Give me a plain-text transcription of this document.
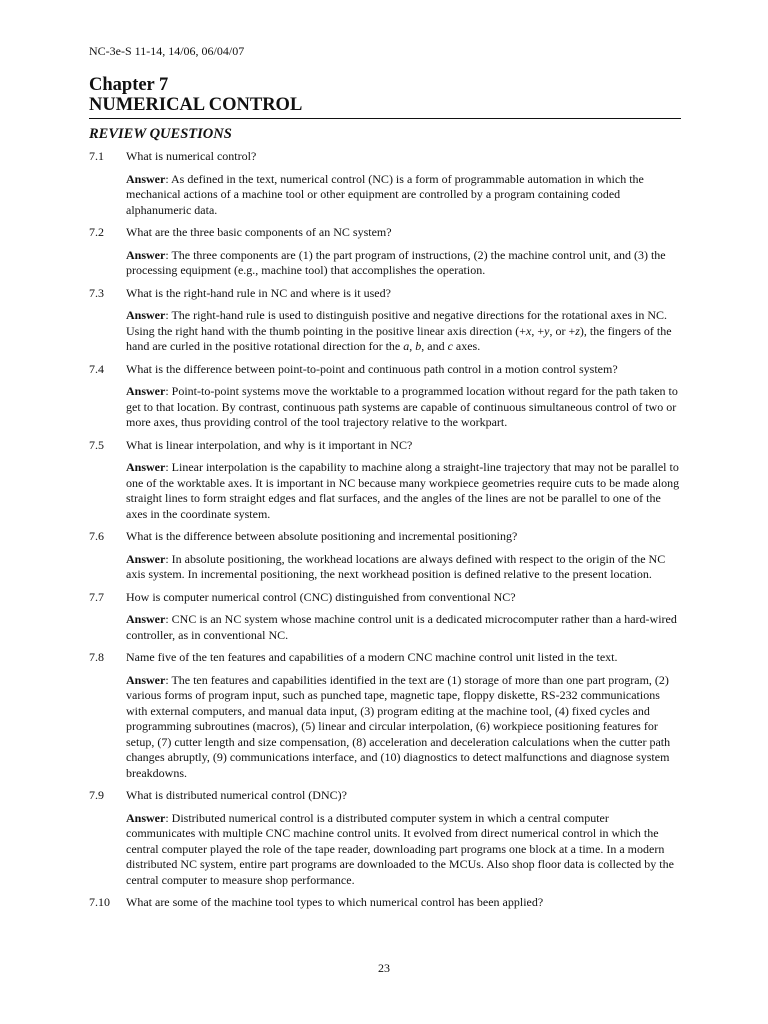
NC-3e-S 11-14, 14/06, 06/04/07
Chapter 7
NUMERICAL CONTROL
REVIEW QUESTIONS
7.1	What is numerical control?
Answer: As defined in the text, numerical control (NC) is a form of programmable automation in which the mechanical actions of a machine tool or other equipment are controlled by a program containing coded alphanumeric data.
7.2	What are the three basic components of an NC system?
Answer: The three components are (1) the part program of instructions, (2) the machine control unit, and (3) the processing equipment (e.g., machine tool) that accomplishes the operation.
7.3	What is the right-hand rule in NC and where is it used?
Answer: The right-hand rule is used to distinguish positive and negative directions for the rotational axes in NC. Using the right hand with the thumb pointing in the positive linear axis direction (+x, +y, or +z), the fingers of the hand are curled in the positive rotational direction for the a, b, and c axes.
7.4	What is the difference between point-to-point and continuous path control in a motion control system?
Answer: Point-to-point systems move the worktable to a programmed location without regard for the path taken to get to that location. By contrast, continuous path systems are capable of continuous simultaneous control of two or more axes, thus providing control of the tool trajectory relative to the workpart.
7.5	What is linear interpolation, and why is it important in NC?
Answer: Linear interpolation is the capability to machine along a straight-line trajectory that may not be parallel to one of the worktable axes. It is important in NC because many workpiece geometries require cuts to be made along straight lines to form straight edges and flat surfaces, and the angles of the lines are not be parallel to one of the axes in the coordinate system.
7.6	What is the difference between absolute positioning and incremental positioning?
Answer: In absolute positioning, the workhead locations are always defined with respect to the origin of the NC axis system. In incremental positioning, the next workhead position is defined relative to the present location.
7.7	How is computer numerical control (CNC) distinguished from conventional NC?
Answer: CNC is an NC system whose machine control unit is a dedicated microcomputer rather than a hard-wired controller, as in conventional NC.
7.8	Name five of the ten features and capabilities of a modern CNC machine control unit listed in the text.
Answer: The ten features and capabilities identified in the text are (1) storage of more than one part program, (2) various forms of program input, such as punched tape, magnetic tape, floppy diskette, RS-232 communications with external computers, and manual data input, (3) program editing at the machine tool, (4) fixed cycles and programming subroutines (macros), (5) linear and circular interpolation, (6) workpiece positioning features for setup, (7) cutter length and size compensation, (8) acceleration and deceleration calculations when the cutter path changes abruptly, (9) communications interface, and (10) diagnostics to detect malfunctions and diagnose system breakdowns.
7.9	What is distributed numerical control (DNC)?
Answer: Distributed numerical control is a distributed computer system in which a central computer communicates with multiple CNC machine control units. It evolved from direct numerical control in which the central computer played the role of the tape reader, downloading part programs one block at a time. In a modern distributed NC system, entire part programs are downloaded to the MCUs. Also shop floor data is collected by the central computer to measure shop performance.
7.10	What are some of the machine tool types to which numerical control has been applied?
23
